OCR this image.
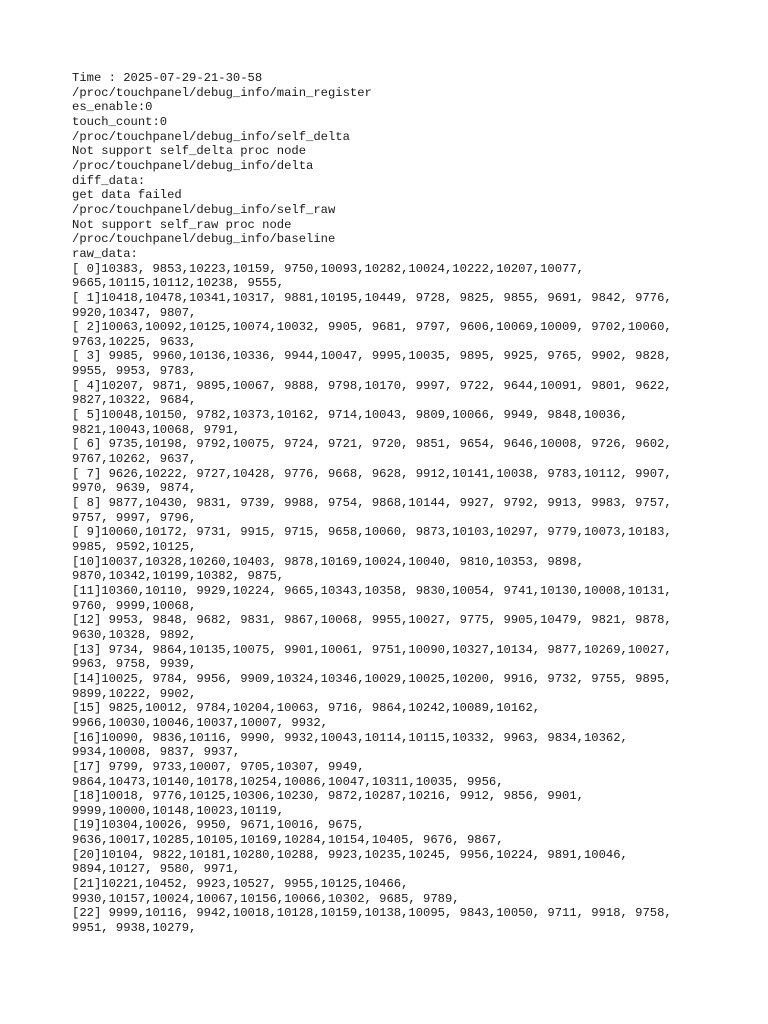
Time : 2025-07-29-21-30-58
/proc/touchpanel/debug_info/main_register
es_enable:0
touch_count:0
/proc/touchpanel/debug_info/self_delta
Not support self_delta proc node
/proc/touchpanel/debug_info/delta
diff_data:
get data failed
/proc/touchpanel/debug_info/self_raw
Not support self_raw proc node
/proc/touchpanel/debug_info/baseline
raw_data:
[ 0]10383, 9853,10223,10159, 9750,10093,10282,10024,10222,10207,10077,
9665,10115,10112,10238, 9555,
[ 1]10418,10478,10341,10317, 9881,10195,10449, 9728, 9825, 9855, 9691, 9842, 9776,
9920,10347, 9807,
[ 2]10063,10092,10125,10074,10032, 9905, 9681, 9797, 9606,10069,10009, 9702,10060,
9763,10225, 9633,
[ 3] 9985, 9960,10136,10336, 9944,10047, 9995,10035, 9895, 9925, 9765, 9902, 9828,
9955, 9953, 9783,
[ 4]10207, 9871, 9895,10067, 9888, 9798,10170, 9997, 9722, 9644,10091, 9801, 9622,
9827,10322, 9684,
[ 5]10048,10150, 9782,10373,10162, 9714,10043, 9809,10066, 9949, 9848,10036,
9821,10043,10068, 9791,
[ 6] 9735,10198, 9792,10075, 9724, 9721, 9720, 9851, 9654, 9646,10008, 9726, 9602,
9767,10262, 9637,
[ 7] 9626,10222, 9727,10428, 9776, 9668, 9628, 9912,10141,10038, 9783,10112, 9907,
9970, 9639, 9874,
[ 8] 9877,10430, 9831, 9739, 9988, 9754, 9868,10144, 9927, 9792, 9913, 9983, 9757,
9757, 9997, 9796,
[ 9]10060,10172, 9731, 9915, 9715, 9658,10060, 9873,10103,10297, 9779,10073,10183,
9985, 9592,10125,
[10]10037,10328,10260,10403, 9878,10169,10024,10040, 9810,10353, 9898,
9870,10342,10199,10382, 9875,
[11]10360,10110, 9929,10224, 9665,10343,10358, 9830,10054, 9741,10130,10008,10131,
9760, 9999,10068,
[12] 9953, 9848, 9682, 9831, 9867,10068, 9955,10027, 9775, 9905,10479, 9821, 9878,
9630,10328, 9892,
[13] 9734, 9864,10135,10075, 9901,10061, 9751,10090,10327,10134, 9877,10269,10027,
9963, 9758, 9939,
[14]10025, 9784, 9956, 9909,10324,10346,10029,10025,10200, 9916, 9732, 9755, 9895,
9899,10222, 9902,
[15] 9825,10012, 9784,10204,10063, 9716, 9864,10242,10089,10162,
9966,10030,10046,10037,10007, 9932,
[16]10090, 9836,10116, 9990, 9932,10043,10114,10115,10332, 9963, 9834,10362,
9934,10008, 9837, 9937,
[17] 9799, 9733,10007, 9705,10307, 9949,
9864,10473,10140,10178,10254,10086,10047,10311,10035, 9956,
[18]10018, 9776,10125,10306,10230, 9872,10287,10216, 9912, 9856, 9901,
9999,10000,10148,10023,10119,
[19]10304,10026, 9950, 9671,10016, 9675,
9636,10017,10285,10105,10169,10284,10154,10405, 9676, 9867,
[20]10104, 9822,10181,10280,10288, 9923,10235,10245, 9956,10224, 9891,10046,
9894,10127, 9580, 9971,
[21]10221,10452, 9923,10527, 9955,10125,10466,
9930,10157,10024,10067,10156,10066,10302, 9685, 9789,
[22] 9999,10116, 9942,10018,10128,10159,10138,10095, 9843,10050, 9711, 9918, 9758,
9951, 9938,10279,
